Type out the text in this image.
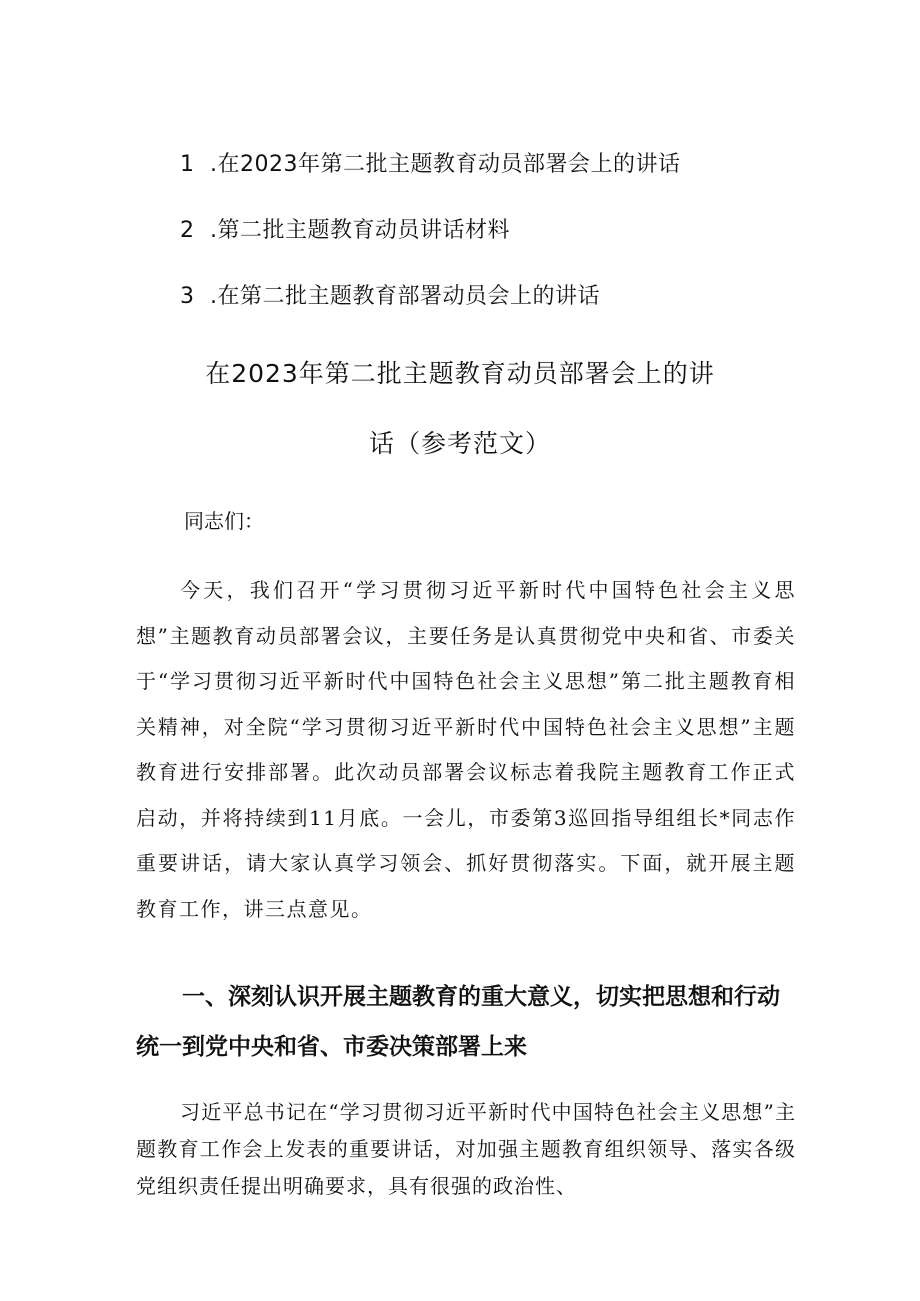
1 .在2023年第二批主题教育动员部署会上的讲话
2 .第二批主题教育动员讲话材料
3 .在第二批主题教育部署动员会上的讲话
在2023年第二批主题教育动员部署会上的讲
话（参考范文）
同志们：
今天，我们召开“学习贯彻习近平新时代中国特色社会主义思想”主题教育动员部署会议，主要任务是认真贯彻党中央和省、市委关于“学习贯彻习近平新时代中国特色社会主义思想”第二批主题教育相关精神，对全院“学习贯彻习近平新时代中国特色社会主义思想”主题教育进行安排部署。此次动员部署会议标志着我院主题教育工作正式启动，并将持续到11月底。一会儿，市委第3巡回指导组组长*同志作重要讲话，请大家认真学习领会、抓好贯彻落实。下面，就开展主题教育工作，讲三点意见。
一、深刻认识开展主题教育的重大意义，切实把思想和行动统一到党中央和省、市委决策部署上来
习近平总书记在“学习贯彻习近平新时代中国特色社会主义思想”主题教育工作会上发表的重要讲话，对加强主题教育组织领导、落实各级党组织责任提出明确要求，具有很强的政治性、
